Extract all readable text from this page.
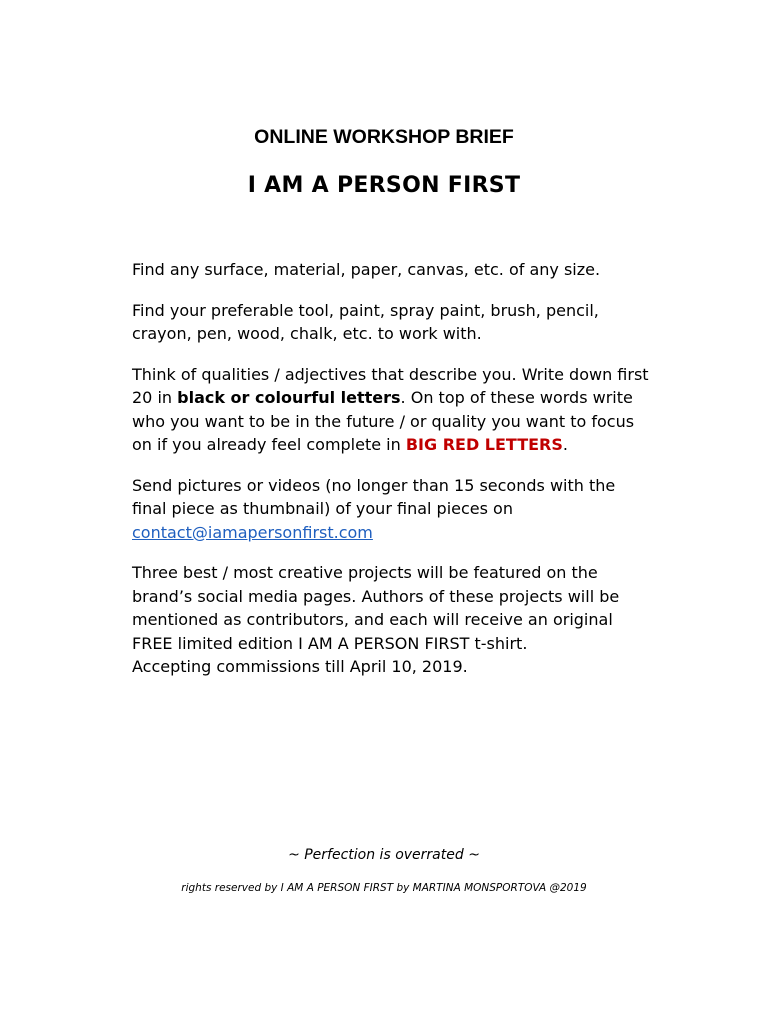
ONLINE WORKSHOP BRIEF
I AM A PERSON FIRST

Find any surface, material, paper, canvas, etc. of any size.

Find your preferable tool, paint, spray paint, brush, pencil, crayon, pen, wood, chalk, etc. to work with.

Think of qualities / adjectives that describe you. Write down first 20 in black or colourful letters. On top of these words write who you want to be in the future / or quality you want to focus on if you already feel complete in BIG RED LETTERS.

Send pictures or videos (no longer than 15 seconds with the final piece as thumbnail) of your final pieces on
contact@iamapersonfirst.com

Three best / most creative projects will be featured on the brand’s social media pages. Authors of these projects will be mentioned as contributors, and each will receive an original FREE limited edition I AM A PERSON FIRST t-shirt.
Accepting commissions till April 10, 2019.

~ Perfection is overrated ~

rights reserved by I AM A PERSON FIRST by MARTINA MONSPORTOVA @2019
